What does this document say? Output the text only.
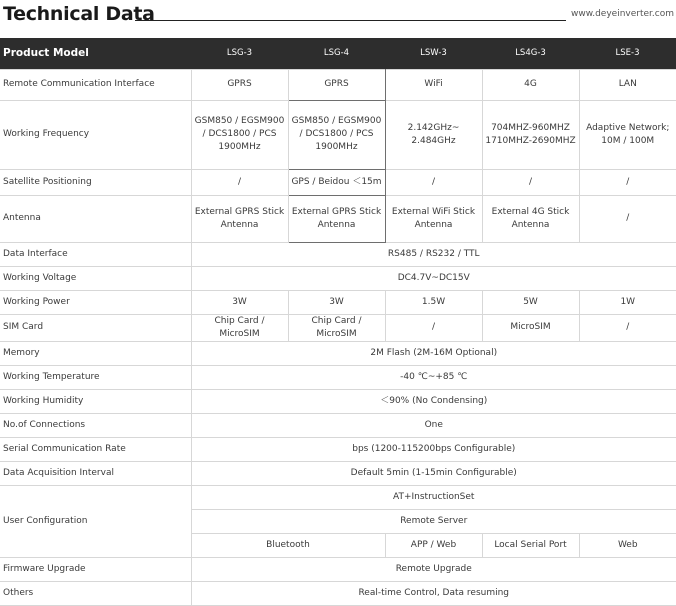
Technical Data	www.deyeinverter.com
Product Model	LSG-3	LSG-4	LSW-3	LS4G-3	LSE-3
Remote Communication Interface	GPRS	GPRS	WiFi	4G	LAN
Working Frequency	GSM850 / EGSM900 / DCS1800 / PCS 1900MHz	GSM850 / EGSM900 / DCS1800 / PCS 1900MHz	2.142GHz~ 2.484GHz	704MHZ-960MHZ 1710MHZ-2690MHZ	Adaptive Network; 10M / 100M
Satellite Positioning	/	GPS / Beidou ＜15m	/	/	/
Antenna	External GPRS Stick Antenna	External GPRS Stick Antenna	External WiFi Stick Antenna	External 4G Stick Antenna	/
Data Interface	RS485 / RS232 / TTL				
Working Voltage	DC4.7V~DC15V				
Working Power	3W	3W	1.5W	5W	1W
SIM Card	Chip Card / MicroSIM	Chip Card / MicroSIM	/	MicroSIM	/
Memory	2M Flash (2M-16M Optional)				
Working Temperature	-40 ℃~+85 ℃				
Working Humidity	＜90% (No Condensing)				
No.of Connections	One				
Serial Communication Rate	bps (1200-115200bps Configurable)				
Data Acquisition Interval	Default 5min (1-15min Configurable)				
User Configuration	AT+InstructionSet				
	Remote Server				
	Bluetooth		APP / Web	Local Serial Port	Web
Firmware Upgrade	Remote Upgrade				
Others	Real-time Control, Data resuming				
